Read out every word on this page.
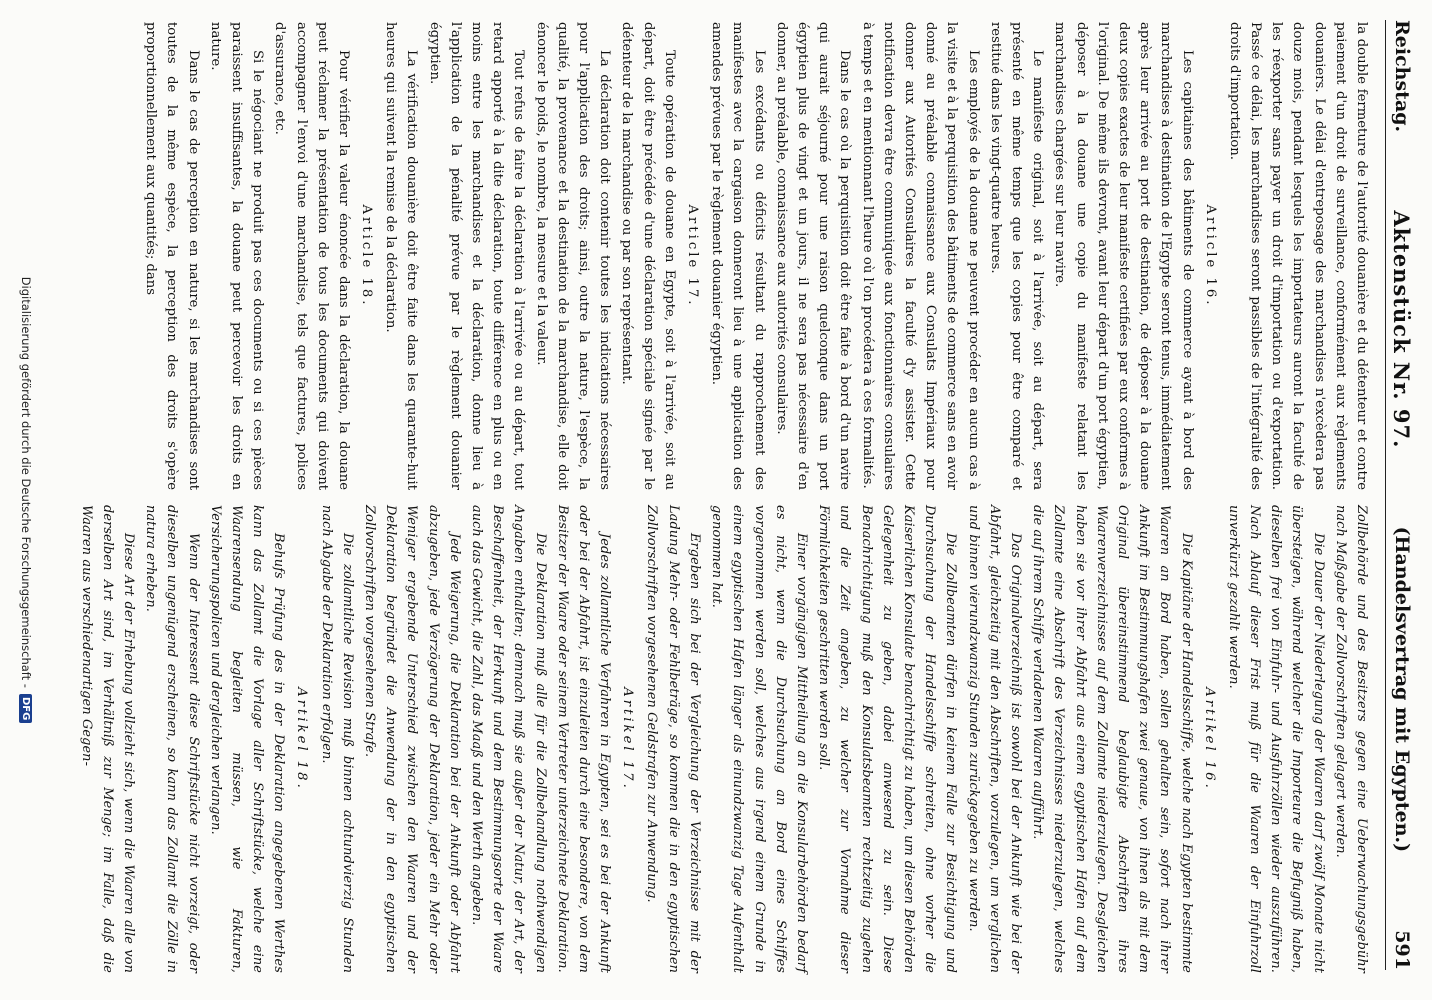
Reichstag.
Aktenstück Nr. 97.
(Handelsvertrag mit Egypten.)
591

la double fermeture de l'autorité douanière et du détenteur et contre paiement d'un droit de surveillance, conformément aux règlements douaniers. Le délai d'entreposage des marchandises n'excèdera pas douze mois, pendant lesquels les importateurs auront la faculté de les réexporter sans payer un droit d'importation ou d'exportation. Passé ce délai, les marchandises seront passibles de l'intégralité des droits d'importation.

Article 16.

Les capitaines des bâtiments de commerce ayant à bord des marchandises à destination de l'Egypte seront tenus, immédiatement après leur arrivée au port de destination, de déposer à la douane deux copies exactes de leur manifeste certifiées par eux conformes à l'original. De même ils devront, avant leur départ d'un port égyptien, déposer à la douane une copie du manifeste relatant les marchandises chargées sur leur navire.

Le manifeste original, soit à l'arrivée, soit au départ, sera présenté en même temps que les copies pour être comparé et restitué dans les vingt-quatre heures.

Les employés de la douane ne peuvent procéder en aucun cas à la visite et à la perquisition des bâtiments de commerce sans en avoir donné au préalable connaissance aux Consulats Impériaux pour donner aux Autorités Consulaires la faculté d'y assister. Cette notification devra être communiquée aux fonctionnaires consulaires à temps et en mentionnant l'heure où l'on procédera à ces formalités.

Dans le cas où la perquisition doit être faite à bord d'un navire qui aurait séjourné pour une raison quelconque dans un port égyptien plus de vingt et un jours, il ne sera pas nécessaire d'en donner, au préalable, connaissance aux autorités consulaires.

Les excédants ou déficits résultant du rapprochement des manifestes avec la cargaison donneront lieu à une application des amendes prévues par le règlement douanier égyptien.

Article 17.

Toute opération de douane en Egypte, soit à l'arrivée, soit au départ, doit être précédée d'une déclaration spéciale signée par le détenteur de la marchandise ou par son représentant.

La déclaration doit contenir toutes les indications nécessaires pour l'application des droits; ainsi, outre la nature, l'espèce, la qualité, la provenance et la destination de la marchandise, elle doit énoncer le poids, le nombre, la mesure et la valeur.

Tout refus de faire la déclaration à l'arrivée ou au départ, tout retard apporté à la dite déclaration, toute différence en plus ou en moins entre les marchandises et la déclaration, donne lieu à l'application de la pénalité prévue par le règlement douanier égyptien.

La vérification douanière doit être faite dans les quarante-huit heures qui suivent la remise de la déclaration.

Article 18.

Pour vérifier la valeur énoncée dans la déclaration, la douane peut réclamer la présentation de tous les documents qui doivent accompagner l'envoi d'une marchandise, tels que factures, polices d'assurance, etc.

Si le négociant ne produit pas ces documents ou si ces pièces paraissent insuffisantes, la douane peut percevoir les droits en nature.

Dans le cas de perception en nature, si les marchandises sont toutes de la même espèce, la perception des droits s'opère proportionnellement aux quantités; dans

Zollbehörde und des Besitzers gegen eine Ueberwachungsgebühr nach Maßgabe der Zollvorschriften gelagert werden.

Die Dauer der Niederlegung der Waaren darf zwölf Monate nicht übersteigen, während welcher die Importeure die Befugniß haben, dieselben frei von Einfuhr- und Ausfuhrzöllen wieder auszuführen. Nach Ablauf dieser Frist muß für die Waaren der Einfuhrzoll unverkürzt gezahlt werden.

Artikel 16.

Die Kapitäne der Handelsschiffe, welche nach Egypten bestimmte Waaren an Bord haben, sollen gehalten sein, sofort nach ihrer Ankunft im Bestimmungshafen zwei genaue, von ihnen als mit dem Original übereinstimmend beglaubigte Abschriften ihres Waarenverzeichnisses auf dem Zollamte niederzulegen. Desgleichen haben sie vor ihrer Abfahrt aus einem egyptischen Hafen auf dem Zollamte eine Abschrift des Verzeichnisses niederzulegen, welches die auf ihrem Schiffe verladenen Waaren aufführt.

Das Originalverzeichniß ist sowohl bei der Ankunft wie bei der Abfahrt, gleichzeitig mit den Abschriften, vorzulegen, um verglichen und binnen vierundzwanzig Stunden zurückgegeben zu werden.

Die Zollbeamten dürfen in keinem Falle zur Besichtigung und Durchsuchung der Handelsschiffe schreiten, ohne vorher die Kaiserlichen Konsulate benachrichtigt zu haben, um diesen Behörden Gelegenheit zu geben, dabei anwesend zu sein. Diese Benachrichtigung muß den Konsulatsbeamten rechtzeitig zugehen und die Zeit angeben, zu welcher zur Vornahme dieser Förmlichkeiten geschritten werden soll.

Einer vorgängigen Mittheilung an die Konsularbehörden bedarf es nicht, wenn die Durchsuchung an Bord eines Schiffes vorgenommen werden soll, welches aus irgend einem Grunde in einem egyptischen Hafen länger als einundzwanzig Tage Aufenthalt genommen hat.

Ergeben sich bei der Vergleichung der Verzeichnisse mit der Ladung Mehr- oder Fehlbeträge, so kommen die in den egyptischen Zollvorschriften vorgesehenen Geldstrafen zur Anwendung.

Artikel 17.

Jedes zollamtliche Verfahren in Egypten, sei es bei der Ankunft oder bei der Abfahrt, ist einzuleiten durch eine besondere, von dem Besitzer der Waare oder seinem Vertreter unterzeichnete Deklaration.

Die Deklaration muß alle für die Zollbehandlung nothwendigen Angaben enthalten; demnach muß sie außer der Natur, der Art, der Beschaffenheit, der Herkunft und dem Bestimmungsorte der Waare auch das Gewicht, die Zahl, das Maaß und den Werth angeben.

Jede Weigerung, die Deklaration bei der Ankunft oder Abfahrt abzugeben, jede Verzögerung der Deklaration, jeder ein Mehr oder Weniger ergebende Unterschied zwischen den Waaren und der Deklaration begründet die Anwendung der in den egyptischen Zollvorschriften vorgesehenen Strafe.

Die zollamtliche Revision muß binnen achtundvierzig Stunden nach Abgabe der Deklaration erfolgen.

Artikel 18.

Behufs Prüfung des in der Deklaration angegebenen Werthes kann das Zollamt die Vorlage aller Schriftstücke, welche eine Waarensendung begleiten müssen, wie Fakturen, Versicherungspolicen und dergleichen verlangen.

Wenn der Interessent diese Schriftstücke nicht vorzeigt, oder dieselben ungenügend erscheinen, so kann das Zollamt die Zölle in natura erheben.

Diese Art der Erhebung vollzieht sich, wenn die Waaren alle von derselben Art sind, im Verhältniß zur Menge; im Falle, daß die Waaren aus verschiedenartigen Gegen-

Digitalisierung gefördert durch die Deutsche Forschungsgemeinschaft -
DFG
